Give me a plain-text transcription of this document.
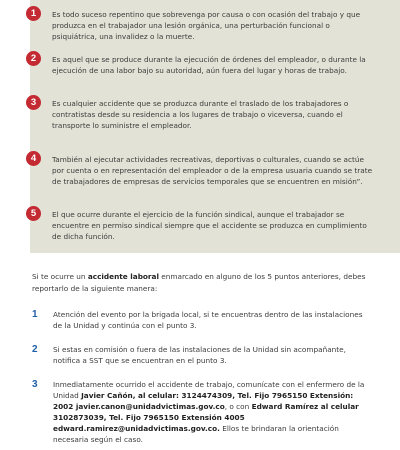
1	Es todo suceso repentino que sobrevenga por causa o con ocasión del trabajo y que produzca en el trabajador una lesión orgánica, una perturbación funcional o psiquiátrica, una invalidez o la muerte.
2	Es aquel que se produce durante la ejecución de órdenes del empleador, o durante la ejecución de una labor bajo su autoridad, aún fuera del lugar y horas de trabajo.
3	Es cualquier accidente que se produzca durante el traslado de los trabajadores o contratistas desde su residencia a los lugares de trabajo o viceversa, cuando el transporte lo suministre el empleador.
4	También al ejecutar actividades recreativas, deportivas o culturales, cuando se actúe por cuenta o en representación del empleador o de la empresa usuaria cuando se trate de trabajadores de empresas de servicios temporales que se encuentren en misión”.
5	El que ocurre durante el ejercicio de la función sindical, aunque el trabajador se encuentre en permiso sindical siempre que el accidente se produzca en cumplimiento de dicha función.
Si te ocurre un accidente laboral enmarcado en alguno de los 5 puntos anteriores, debes reportarlo de la siguiente manera:
1	Atención del evento por la brigada local, si te encuentras dentro de las instalaciones de la Unidad y continúa con el punto 3.
2	Si estas en comisión o fuera de las instalaciones de la Unidad sin acompañante, notifica a SST que se encuentran en el punto 3.
3	Inmediatamente ocurrido el accidente de trabajo, comunícate con el enfermero de la Unidad Javier Cañón, al celular: 3124474309, Tel. Fijo 7965150 Extensión: 2002 javier.canon@unidadvictimas.gov.co, o con Edward Ramírez al celular 3102873039, Tel. Fijo 7965150 Extensión 4005 edward.ramirez@unidadvictimas.gov.co. Ellos te brindaran la orientación necesaria según el caso.
